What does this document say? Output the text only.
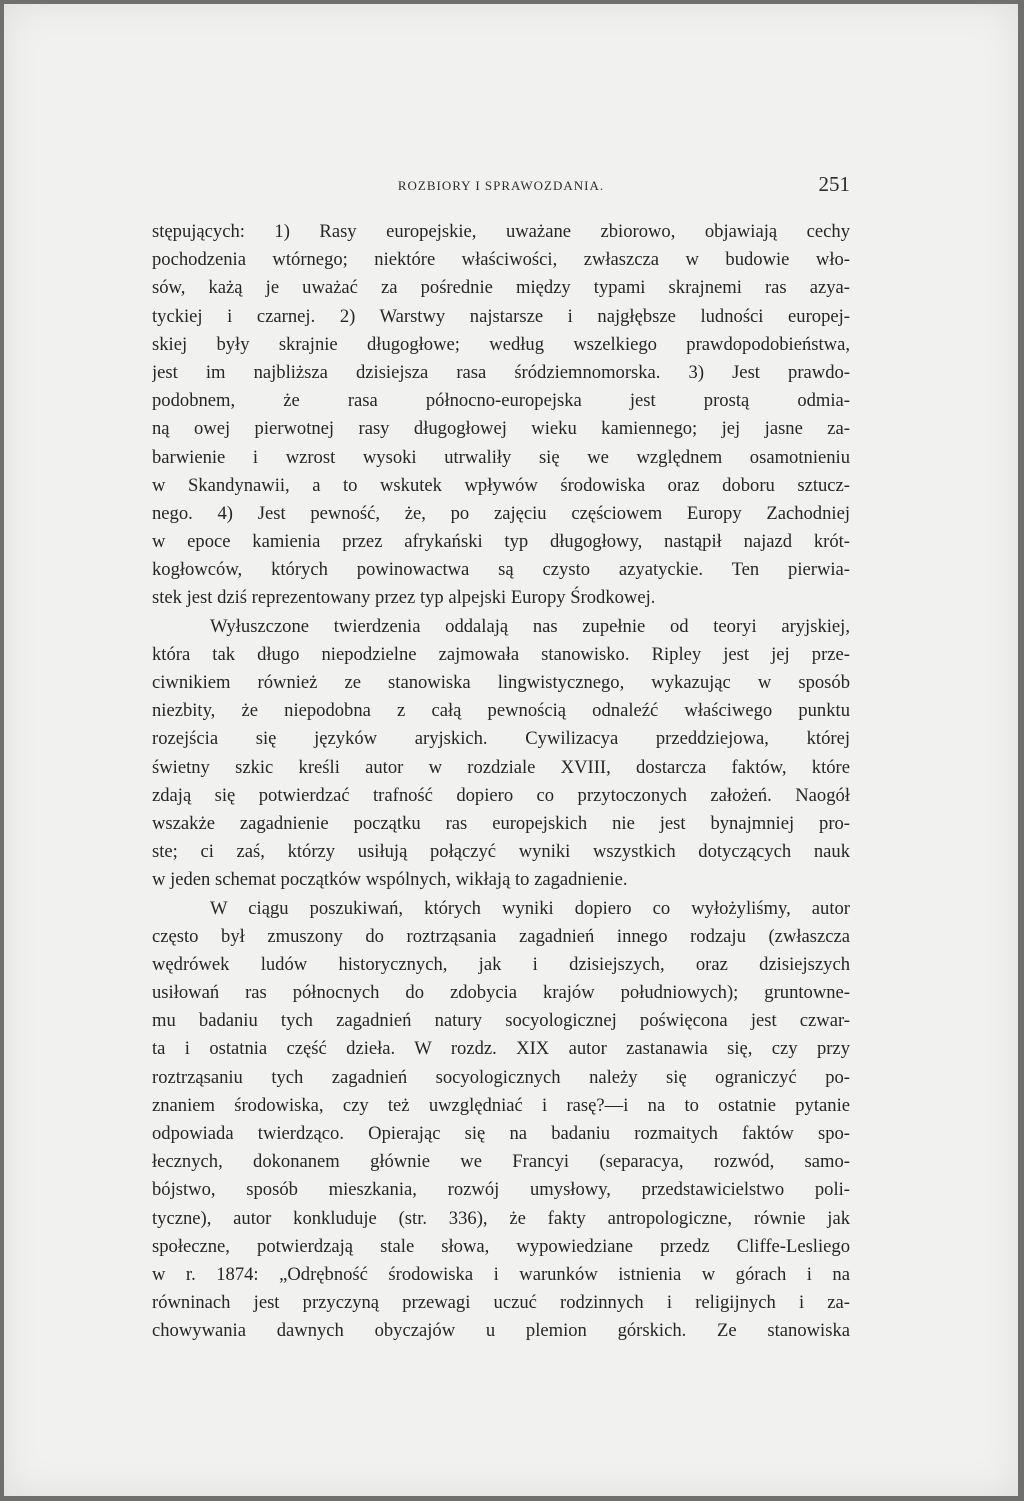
ROZBIORY I SPRAWOZDANIA.	251
stępujących: 1) Rasy europejskie, uważane zbiorowo, objawiają cechy
pochodzenia wtórnego; niektóre właściwości, zwłaszcza w budowie wło-
sów, każą je uważać za pośrednie między typami skrajnemi ras azya-
tyckiej i czarnej. 2) Warstwy najstarsze i najgłębsze ludności europej-
skiej były skrajnie długogłowe; według wszelkiego prawdopodobieństwa,
jest im najbliższa dzisiejsza rasa śródziemnomorska. 3) Jest prawdo-
podobnem, że rasa północno-europejska jest prostą odmia-
ną owej pierwotnej rasy długogłowej wieku kamiennego; jej jasne za-
barwienie i wzrost wysoki utrwaliły się we względnem osamotnieniu
w Skandynawii, a to wskutek wpływów środowiska oraz doboru sztucz-
nego. 4) Jest pewność, że, po zajęciu częściowem Europy Zachodniej
w epoce kamienia przez afrykański typ długogłowy, nastąpił najazd krót-
kogłowców, których powinowactwa są czysto azyatyckie. Ten pierwia-
stek jest dziś reprezentowany przez typ alpejski Europy Środkowej.
Wyłuszczone twierdzenia oddalają nas zupełnie od teoryi aryjskiej,
która tak długo niepodzielne zajmowała stanowisko. Ripley jest jej prze-
ciwnikiem również ze stanowiska lingwistycznego, wykazując w sposób
niezbity, że niepodobna z całą pewnością odnaleźć właściwego punktu
rozejścia się języków aryjskich. Cywilizacya przeddziejowa, której
świetny szkic kreśli autor w rozdziale XVIII, dostarcza faktów, które
zdają się potwierdzać trafność dopiero co przytoczonych założeń. Naogół
wszakże zagadnienie początku ras europejskich nie jest bynajmniej pro-
ste; ci zaś, którzy usiłują połączyć wyniki wszystkich dotyczących nauk
w jeden schemat początków wspólnych, wikłają to zagadnienie.
W ciągu poszukiwań, których wyniki dopiero co wyłożyliśmy, autor
często był zmuszony do roztrząsania zagadnień innego rodzaju (zwłaszcza
wędrówek ludów historycznych, jak i dzisiejszych, oraz dzisiejszych
usiłowań ras północnych do zdobycia krajów południowych); gruntowne-
mu badaniu tych zagadnień natury socyologicznej poświęcona jest czwar-
ta i ostatnia część dzieła. W rozdz. XIX autor zastanawia się, czy przy
roztrząsaniu tych zagadnień socyologicznych należy się ograniczyć po-
znaniem środowiska, czy też uwzględniać i rasę?—i na to ostatnie pytanie
odpowiada twierdząco. Opierając się na badaniu rozmaitych faktów spo-
łecznych, dokonanem głównie we Francyi (separacya, rozwód, samo-
bójstwo, sposób mieszkania, rozwój umysłowy, przedstawicielstwo poli-
tyczne), autor konkluduje (str. 336), że fakty antropologiczne, równie jak
społeczne, potwierdzają stale słowa, wypowiedziane przedz Cliffe-Lesliego
w r. 1874: „Odrębność środowiska i warunków istnienia w górach i na
równinach jest przyczyną przewagi uczuć rodzinnych i religijnych i za-
chowywania dawnych obyczajów u plemion górskich. Ze stanowiska
